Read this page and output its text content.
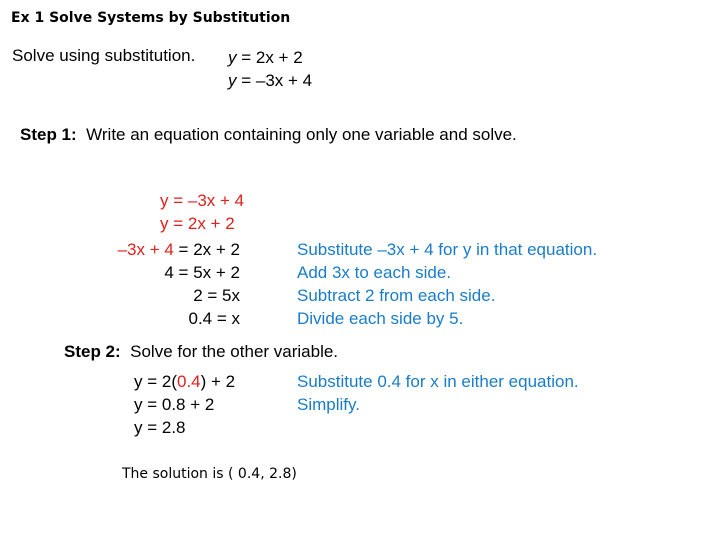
Ex 1 Solve Systems by Substitution
Solve using substitution. y = 2x + 2
y = –3x + 4
Step 1: Write an equation containing only one variable and solve.
y = –3x + 4
y = 2x + 2
–3x + 4 = 2x + 2
4 = 5x + 2
2 = 5x
0.4 = x
Substitute –3x + 4 for y in that equation.
Add 3x to each side.
Subtract 2 from each side.
Divide each side by 5.
Step 2: Solve for the other variable.
y = 2(0.4) + 2
y = 0.8 + 2
y = 2.8
Substitute 0.4 for x in either equation.
Simplify.
The solution is ( 0.4, 2.8)
